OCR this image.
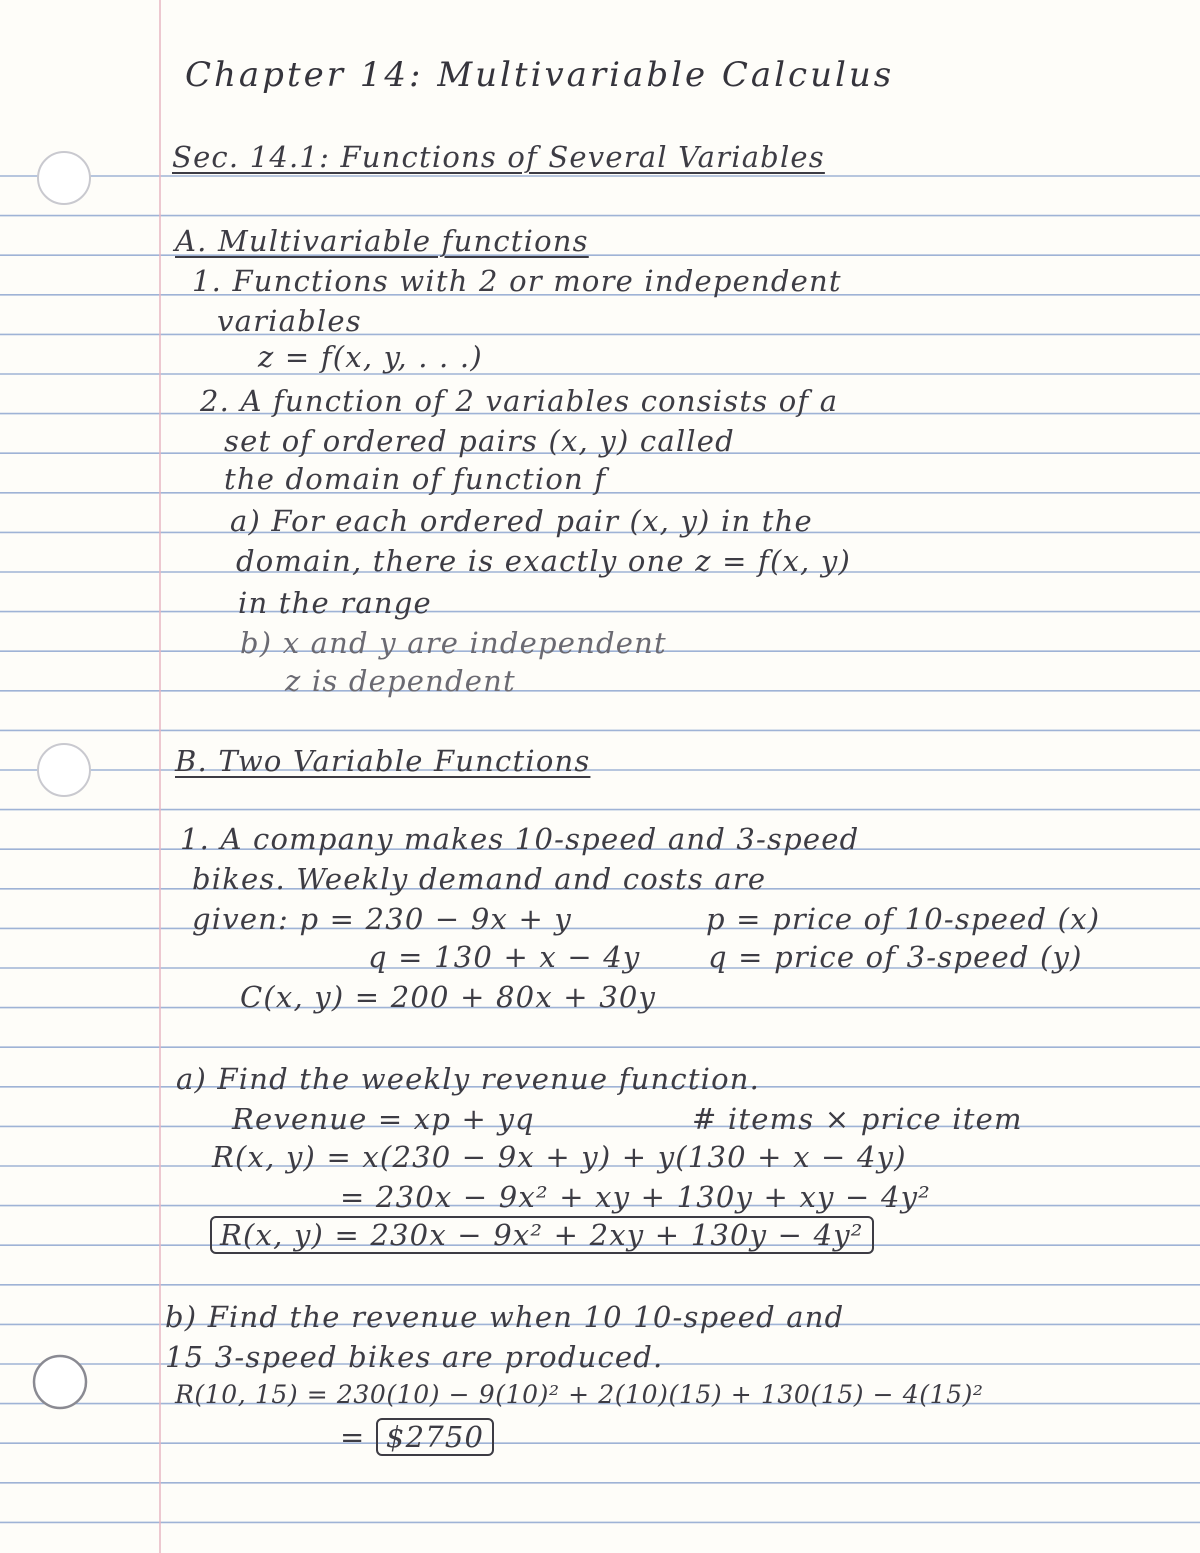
Chapter 14: Multivariable Calculus
Sec. 14.1: Functions of Several Variables
A. Multivariable functions
1. Functions with 2 or more independent
variables
z = f(x, y, . . .)
2. A function of 2 variables consists of a
set of ordered pairs (x, y) called
the domain of function f
a) For each ordered pair (x, y) in the
domain, there is exactly one z = f(x, y)
in the range
b) x and y are independent
z is dependent
B. Two Variable Functions
1. A company makes 10-speed and 3-speed
bikes. Weekly demand and costs are
given: p = 230 − 9x + y	p = price of 10-speed (x)
q = 130 + x − 4y q = price of 3-speed (y)
C(x, y) = 200 + 80x + 30y
a) Find the weekly revenue function.
Revenue = xp + yq	# items × price item
R(x, y) = x(230 − 9x + y) + y(130 + x − 4y)
= 230x − 9x² + xy + 130y + xy − 4y²
R(x, y) = 230x − 9x² + 2xy + 130y − 4y²
b) Find the revenue when 10 10-speed and
15 3-speed bikes are produced.
R(10, 15) = 230(10) − 9(10)² + 2(10)(15) + 130(15) − 4(15)²
= $2750
